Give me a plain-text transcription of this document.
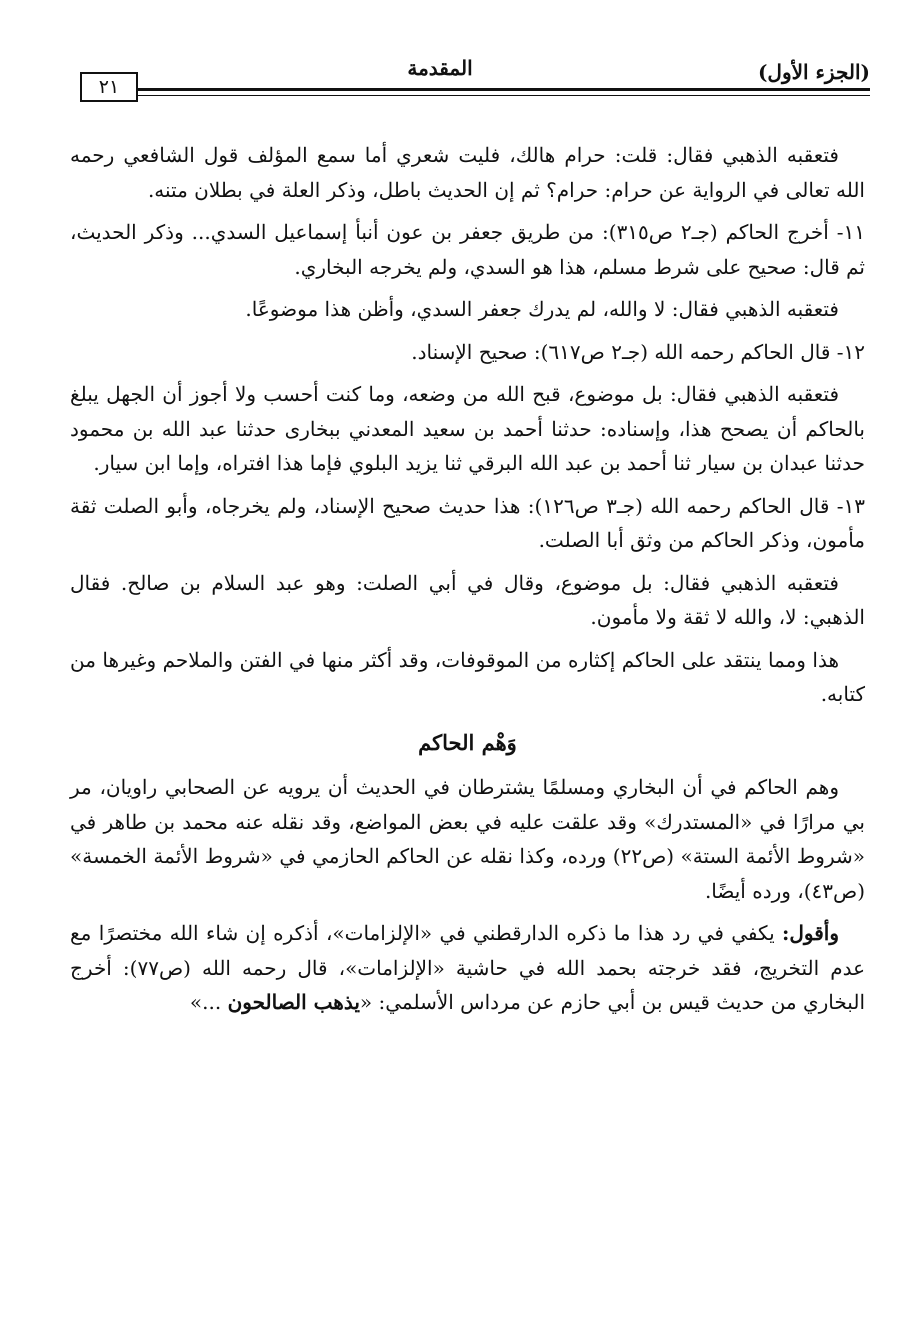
٢١
المقدمة	(الجزء الأول)

فتعقبه الذهبي فقال: قلت: حرام هالك، فليت شعري أما سمع المؤلف قول الشافعي رحمه الله تعالى في الرواية عن حرام: حرام؟ ثم إن الحديث باطل، وذكر العلة في بطلان متنه.

١١- أخرج الحاكم (جـ٢ ص٣١٥): من طريق جعفر بن عون أنبأ إسماعيل السدي... وذكر الحديث، ثم قال: صحيح على شرط مسلم، هذا هو السدي، ولم يخرجه البخاري.

فتعقبه الذهبي فقال: لا والله، لم يدرك جعفر السدي، وأظن هذا موضوعًا.

١٢- قال الحاكم رحمه الله (جـ٢ ص٦١٧): صحيح الإسناد.

فتعقبه الذهبي فقال: بل موضوع، قبح الله من وضعه، وما كنت أحسب ولا أجوز أن الجهل يبلغ بالحاكم أن يصحح هذا، وإسناده: حدثنا أحمد بن سعيد المعدني ببخارى حدثنا عبد الله بن محمود حدثنا عبدان بن سيار ثنا أحمد بن عبد الله البرقي ثنا يزيد البلوي فإما هذا افتراه، وإما ابن سيار.

١٣- قال الحاكم رحمه الله (جـ٣ ص١٢٦): هذا حديث صحيح الإسناد، ولم يخرجاه، وأبو الصلت ثقة مأمون، وذكر الحاكم من وثق أبا الصلت.

فتعقبه الذهبي فقال: بل موضوع، وقال في أبي الصلت: وهو عبد السلام بن صالح. فقال الذهبي: لا، والله لا ثقة ولا مأمون.

هذا ومما ينتقد على الحاكم إكثاره من الموقوفات، وقد أكثر منها في الفتن والملاحم وغيرها من كتابه.

وَهْم الحاكم

وهم الحاكم في أن البخاري ومسلمًا يشترطان في الحديث أن يرويه عن الصحابي راويان، مر بي مرارًا في «المستدرك» وقد علقت عليه في بعض المواضع، وقد نقله عنه محمد بن طاهر في «شروط الأئمة الستة» (ص٢٢) ورده، وكذا نقله عن الحاكم الحازمي في «شروط الأئمة الخمسة» (ص٤٣)، ورده أيضًا.

وأقول: يكفي في رد هذا ما ذكره الدارقطني في «الإلزامات»، أذكره إن شاء الله مختصرًا مع عدم التخريج، فقد خرجته بحمد الله في حاشية «الإلزامات»، قال رحمه الله (ص٧٧): أخرج البخاري من حديث قيس بن أبي حازم عن مرداس الأسلمي: «يذهب الصالحون ...»
